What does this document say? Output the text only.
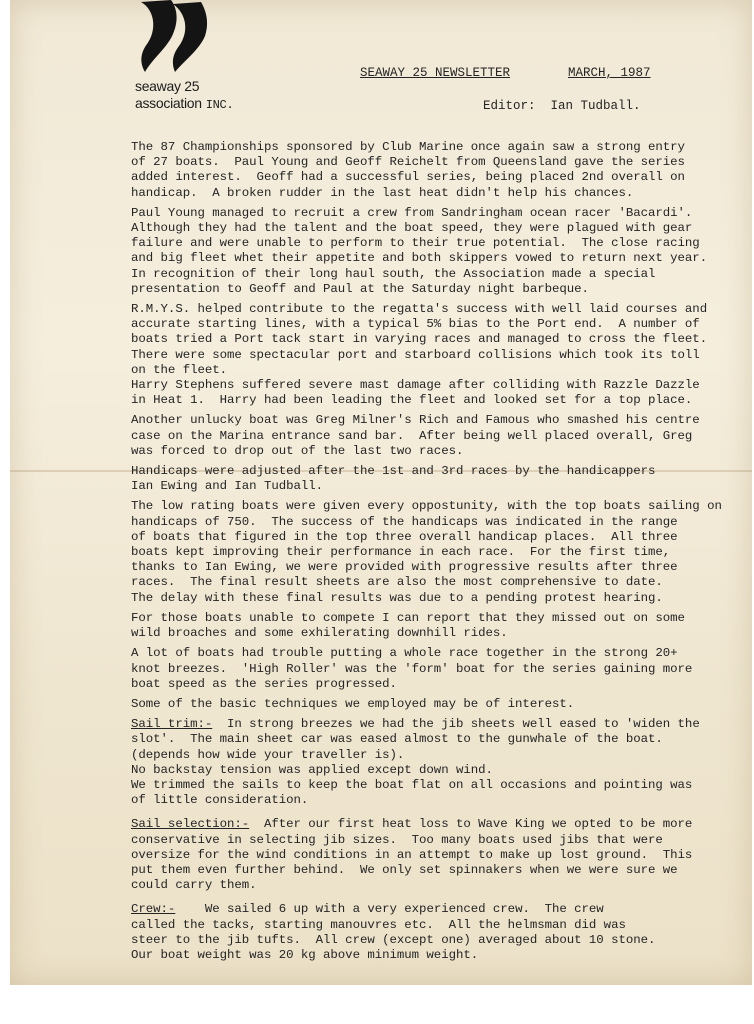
seaway 25
association INC.
SEAWAY 25 NEWSLETTER	MARCH, 1987
Editor: Ian Tudball.
The 87 Championships sponsored by Club Marine once again saw a strong entry
of 27 boats.  Paul Young and Geoff Reichelt from Queensland gave the series
added interest.  Geoff had a successful series, being placed 2nd overall on
handicap.  A broken rudder in the last heat didn't help his chances.
Paul Young managed to recruit a crew from Sandringham ocean racer 'Bacardi'.
Although they had the talent and the boat speed, they were plagued with gear
failure and were unable to perform to their true potential.  The close racing
and big fleet whet their appetite and both skippers vowed to return next year.
In recognition of their long haul south, the Association made a special
presentation to Geoff and Paul at the Saturday night barbeque.
R.M.Y.S. helped contribute to the regatta's success with well laid courses and
accurate starting lines, with a typical 5% bias to the Port end.  A number of
boats tried a Port tack start in varying races and managed to cross the fleet.
There were some spectacular port and starboard collisions which took its toll
on the fleet.
Harry Stephens suffered severe mast damage after colliding with Razzle Dazzle
in Heat 1.  Harry had been leading the fleet and looked set for a top place.
Another unlucky boat was Greg Milner's Rich and Famous who smashed his centre
case on the Marina entrance sand bar.  After being well placed overall, Greg
was forced to drop out of the last two races.
Handicaps were adjusted after the 1st and 3rd races by the handicappers
Ian Ewing and Ian Tudball.
The low rating boats were given every oppostunity, with the top boats sailing on
handicaps of 750.  The success of the handicaps was indicated in the range
of boats that figured in the top three overall handicap places.  All three
boats kept improving their performance in each race.  For the first time,
thanks to Ian Ewing, we were provided with progressive results after three
races.  The final result sheets are also the most comprehensive to date.
The delay with these final results was due to a pending protest hearing.
For those boats unable to compete I can report that they missed out on some
wild broaches and some exhilerating downhill rides.
A lot of boats had trouble putting a whole race together in the strong 20+
knot breezes.  'High Roller' was the 'form' boat for the series gaining more
boat speed as the series progressed.
Some of the basic techniques we employed may be of interest.
Sail trim:-  In strong breezes we had the jib sheets well eased to 'widen the
slot'.  The main sheet car was eased almost to the gunwhale of the boat.
(depends how wide your traveller is).
No backstay tension was applied except down wind.
We trimmed the sails to keep the boat flat on all occasions and pointing was
of little consideration.
Sail selection:-  After our first heat loss to Wave King we opted to be more
conservative in selecting jib sizes.  Too many boats used jibs that were
oversize for the wind conditions in an attempt to make up lost ground.  This
put them even further behind.  We only set spinnakers when we were sure we
could carry them.
Crew:-    We sailed 6 up with a very experienced crew.  The crew
called the tacks, starting manouvres etc.  All the helmsman did was
steer to the jib tufts.  All crew (except one) averaged about 10 stone.
Our boat weight was 20 kg above minimum weight.
